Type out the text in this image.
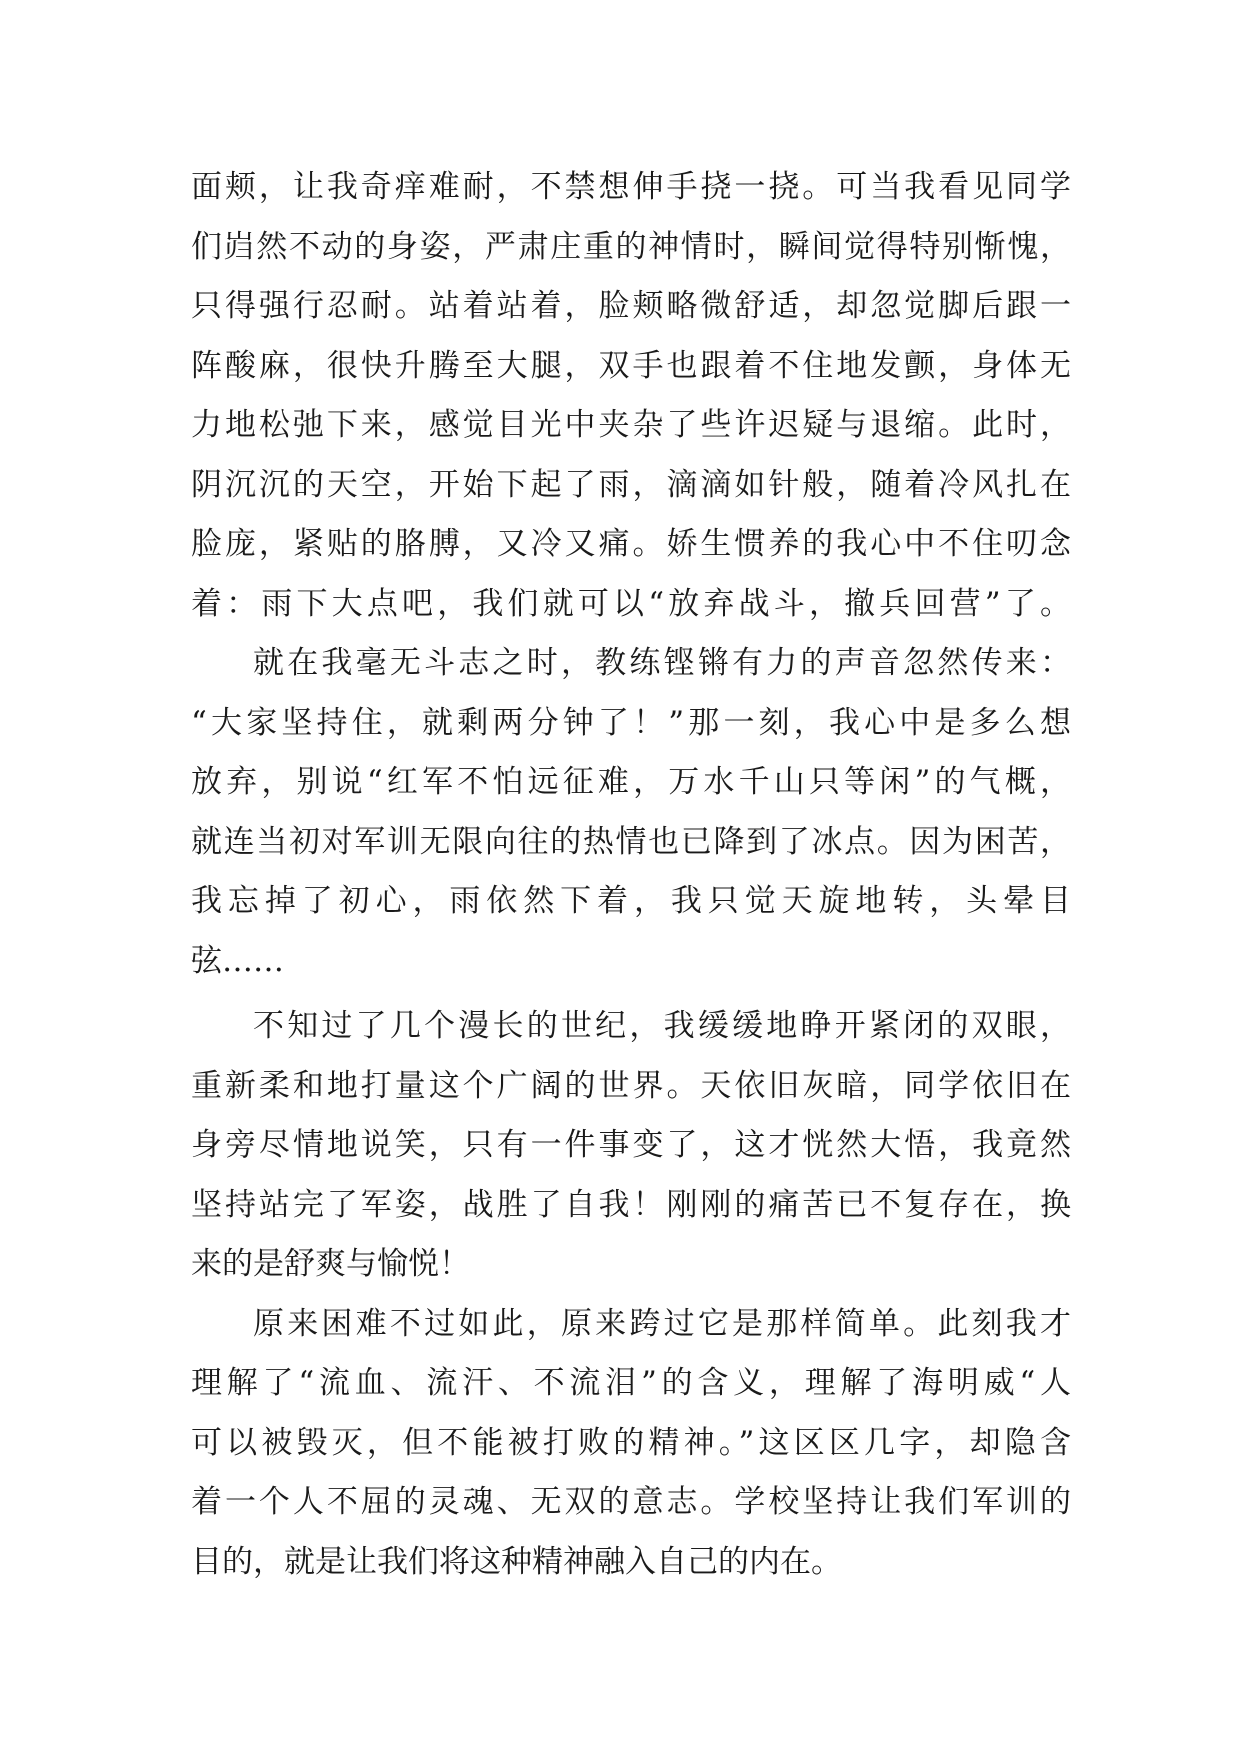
面颊，让我奇痒难耐，不禁想伸手挠一挠。可当我看见同学
们岿然不动的身姿，严肃庄重的神情时，瞬间觉得特别惭愧，
只得强行忍耐。站着站着，脸颊略微舒适，却忽觉脚后跟一
阵酸麻，很快升腾至大腿，双手也跟着不住地发颤，身体无
力地松弛下来，感觉目光中夹杂了些许迟疑与退缩。此时，
阴沉沉的天空，开始下起了雨，滴滴如针般，随着冷风扎在
脸庞，紧贴的胳膊，又冷又痛。娇生惯养的我心中不住叨念
着：雨下大点吧，我们就可以“放弃战斗，撤兵回营”了。
就在我毫无斗志之时，教练铿锵有力的声音忽然传来：
“大家坚持住，就剩两分钟了！”那一刻，我心中是多么想
放弃，别说“红军不怕远征难，万水千山只等闲”的气概，
就连当初对军训无限向往的热情也已降到了冰点。因为困苦，
我忘掉了初心，雨依然下着，我只觉天旋地转，头晕目
弦……
不知过了几个漫长的世纪，我缓缓地睁开紧闭的双眼，
重新柔和地打量这个广阔的世界。天依旧灰暗，同学依旧在
身旁尽情地说笑，只有一件事变了，这才恍然大悟，我竟然
坚持站完了军姿，战胜了自我！刚刚的痛苦已不复存在，换
来的是舒爽与愉悦！
原来困难不过如此，原来跨过它是那样简单。此刻我才
理解了“流血、流汗、不流泪”的含义，理解了海明威“人
可以被毁灭，但不能被打败的精神。”这区区几字，却隐含
着一个人不屈的灵魂、无双的意志。学校坚持让我们军训的
目的，就是让我们将这种精神融入自己的内在。
